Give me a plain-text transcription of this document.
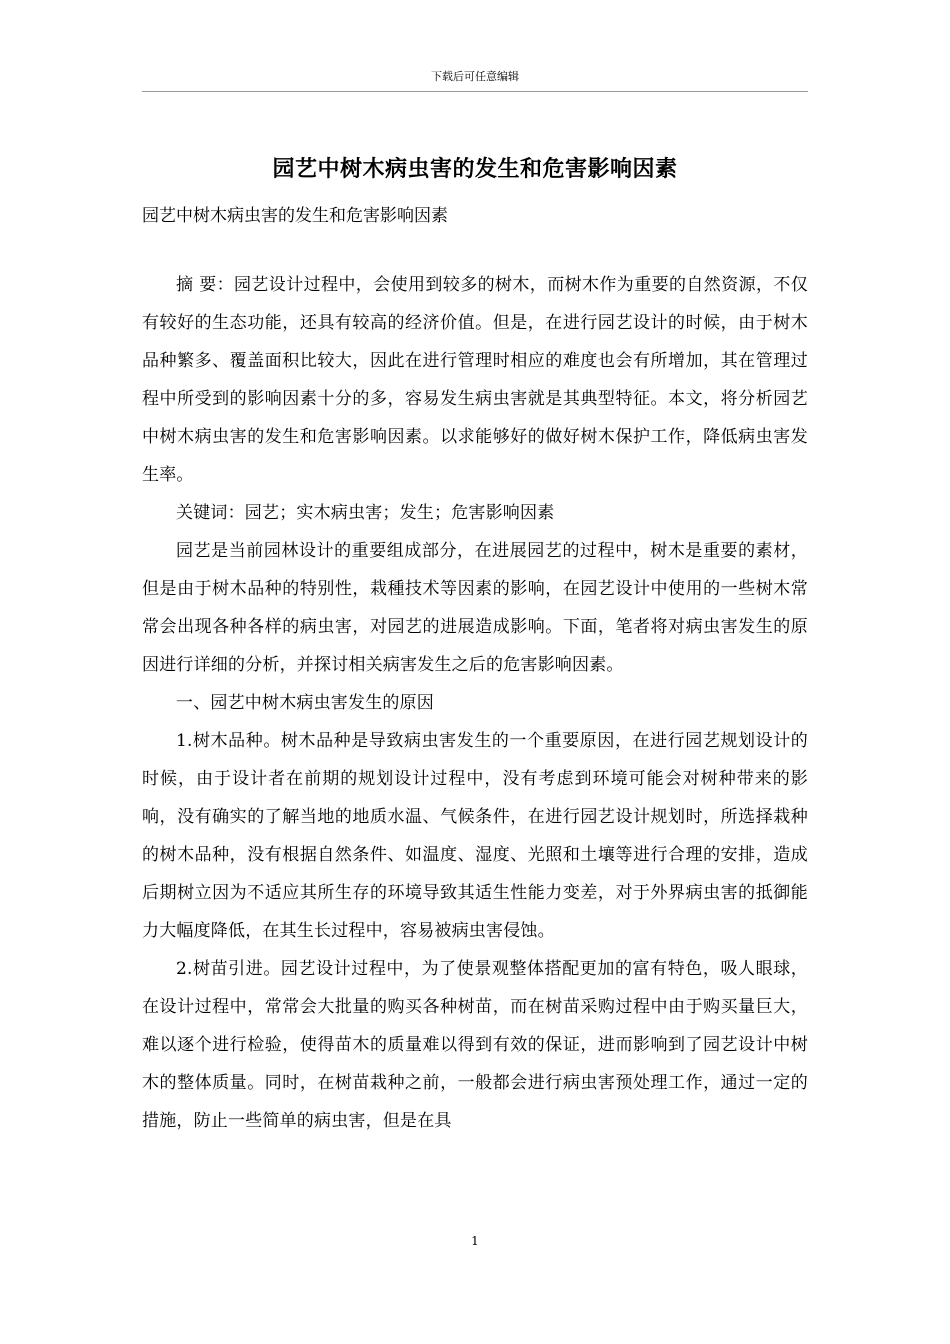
下载后可任意编辑
园艺中树木病虫害的发生和危害影响因素
园艺中树木病虫害的发生和危害影响因素

摘 要：园艺设计过程中，会使用到较多的树木，而树木作为重要的自然资源，不仅有较好的生态功能，还具有较高的经济价值。但是，在进行园艺设计的时候，由于树木品种繁多、覆盖面积比较大，因此在进行管理时相应的难度也会有所增加，其在管理过程中所受到的影响因素十分的多，容易发生病虫害就是其典型特征。本文，将分析园艺中树木病虫害的发生和危害影响因素。以求能够好的做好树木保护工作，降低病虫害发生率。

关键词：园艺；实木病虫害；发生；危害影响因素

园艺是当前园林设计的重要组成部分，在进展园艺的过程中，树木是重要的素材，但是由于树木品种的特别性，栽種技术等因素的影响，在园艺设计中使用的一些树木常常会出现各种各样的病虫害，对园艺的进展造成影响。下面，笔者将对病虫害发生的原因进行详细的分析，并探讨相关病害发生之后的危害影响因素。

一、园艺中树木病虫害发生的原因

1.树木品种。树木品种是导致病虫害发生的一个重要原因，在进行园艺规划设计的时候，由于设计者在前期的规划设计过程中，没有考虑到环境可能会对树种带来的影响，没有确实的了解当地的地质水温、气候条件，在进行园艺设计规划时，所选择栽种的树木品种，没有根据自然条件、如温度、湿度、光照和土壤等进行合理的安排，造成后期树立因为不适应其所生存的环境导致其适生性能力变差，对于外界病虫害的抵御能力大幅度降低，在其生长过程中，容易被病虫害侵蚀。

2.树苗引进。园艺设计过程中，为了使景观整体搭配更加的富有特色，吸人眼球，在设计过程中，常常会大批量的购买各种树苗，而在树苗采购过程中由于购买量巨大，难以逐个进行检验，使得苗木的质量难以得到有效的保证，进而影响到了园艺设计中树木的整体质量。同时，在树苗栽种之前，一般都会进行病虫害预处理工作，通过一定的措施，防止一些简单的病虫害，但是在具

1
